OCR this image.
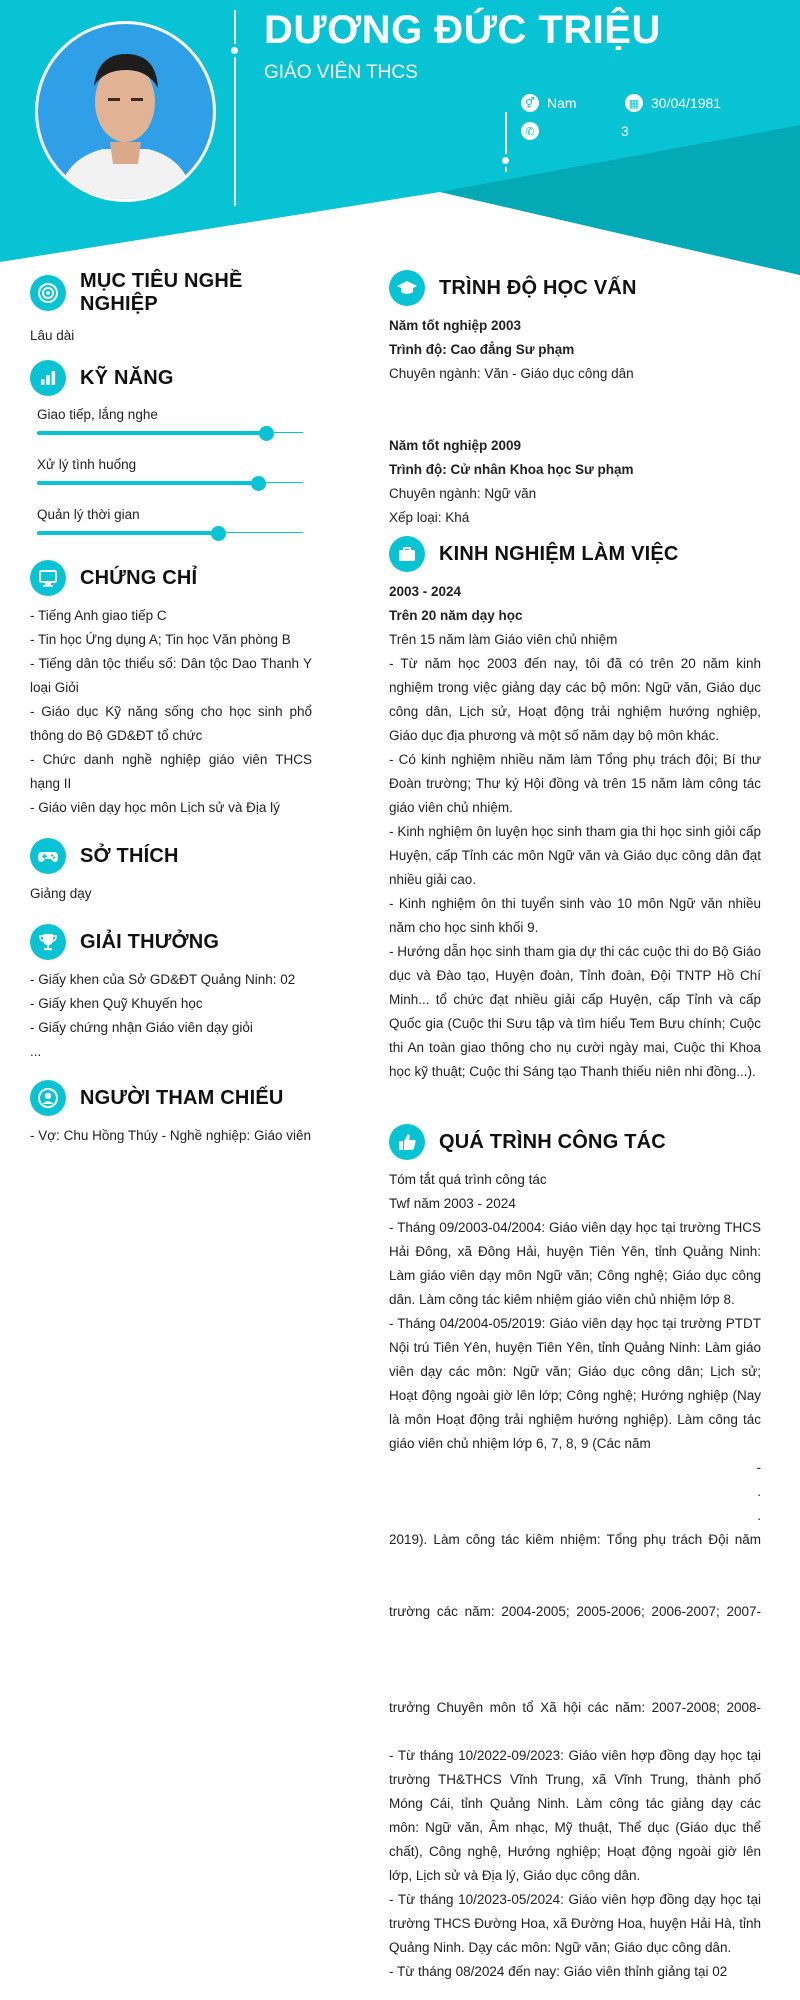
DƯƠNG ĐỨC TRIỆU
GIÁO VIÊN THCS
⚥ Nam	▦ 30/04/1981
✆	3
MỤC TIÊU NGHỀ NGHIỆP
Lâu dài
KỸ NĂNG
Giao tiếp, lắng nghe
Xử lý tình huống
Quản lý thời gian
CHỨNG CHỈ
- Tiếng Anh giao tiếp C
- Tin học Ứng dụng A; Tin học Văn phòng B
- Tiếng dân tộc thiểu số: Dân tộc Dao Thanh Y loại Giỏi
- Giáo dục Kỹ năng sống cho học sinh phổ thông do Bộ GD&ĐT tổ chức
- Chức danh nghề nghiệp giáo viên THCS hạng II
- Giáo viên dạy học môn Lịch sử và Địa lý
SỞ THÍCH
Giảng dạy
GIẢI THƯỞNG
- Giấy khen của Sở GD&ĐT Quảng Ninh: 02
- Giấy khen Quỹ Khuyến học
- Giấy chứng nhận Giáo viên dạy giỏi
...
NGƯỜI THAM CHIẾU
- Vợ: Chu Hồng Thúy - Nghề nghiệp: Giáo viên
TRÌNH ĐỘ HỌC VẤN
Năm tốt nghiệp 2003
Trình độ: Cao đẳng Sư phạm
Chuyên ngành: Văn - Giáo dục công dân
Năm tốt nghiệp 2009
Trình độ: Cử nhân Khoa học Sư phạm
Chuyên ngành: Ngữ văn
Xếp loại: Khá
KINH NGHIỆM LÀM VIỆC
2003 - 2024
Trên 20 năm dạy học
Trên 15 năm làm Giáo viên chủ nhiệm
- Từ năm học 2003 đến nay, tôi đã có trên 20 năm kinh nghiệm trong việc giảng dạy các bộ môn: Ngữ văn, Giáo dục công dân, Lịch sử, Hoạt động trải nghiệm hướng nghiệp, Giáo dục địa phương và một số năm dạy bộ môn khác.
- Có kinh nghiệm nhiều năm làm Tổng phụ trách đội; Bí thư Đoàn trường; Thư ký Hội đồng và trên 15 năm làm công tác giáo viên chủ nhiệm.
- Kinh nghiệm ôn luyện học sinh tham gia thi học sinh giỏi cấp Huyện, cấp Tỉnh các môn Ngữ văn và Giáo dục công dân đạt nhiều giải cao.
- Kinh nghiệm ôn thi tuyển sinh vào 10 môn Ngữ văn nhiều năm cho học sinh khối 9.
- Hướng dẫn học sinh tham gia dự thi các cuộc thi do Bộ Giáo dục và Đào tạo, Huyện đoàn, Tỉnh đoàn, Đội TNTP Hồ Chí Minh... tổ chức đạt nhiều giải cấp Huyện, cấp Tỉnh và cấp Quốc gia (Cuộc thi Sưu tập và tìm hiểu Tem Bưu chính; Cuộc thi An toàn giao thông cho nụ cười ngày mai, Cuộc thi Khoa học kỹ thuật; Cuộc thi Sáng tạo Thanh thiếu niên nhi đồng...).
QUÁ TRÌNH CÔNG TÁC
Tóm tắt quá trình công tác
Twf năm 2003 - 2024
- Tháng 09/2003-04/2004: Giáo viên dạy học tại trường THCS Hải Đông, xã Đông Hải, huyện Tiên Yên, tỉnh Quảng Ninh: Làm giáo viên dạy môn Ngữ văn; Công nghệ; Giáo dục công dân. Làm công tác kiêm nhiệm giáo viên chủ nhiệm lớp 8.
- Tháng 04/2004-05/2019: Giáo viên dạy học tại trường PTDT Nội trú Tiên Yên, huyện Tiên Yên, tỉnh Quảng Ninh: Làm giáo viên dạy các môn: Ngữ văn; Giáo dục công dân; Lịch sử; Hoạt động ngoài giờ lên lớp; Công nghệ; Hướng nghiệp (Nay là môn Hoạt động trải nghiệm hướng nghiệp). Làm công tác giáo viên chủ nhiệm lớp 6, 7, 8, 9 (Các năm
-
.
.
2019). Làm công tác kiêm nhiệm: Tổng phụ trách Đội năm
trường các năm: 2004-2005; 2005-2006; 2006-2007; 2007-
trưởng Chuyên môn tổ Xã hội các năm: 2007-2008; 2008-
- Từ tháng 10/2022-09/2023: Giáo viên hợp đồng dạy học tại trường TH&THCS Vĩnh Trung, xã Vĩnh Trung, thành phố Móng Cái, tỉnh Quảng Ninh. Làm công tác giảng dạy các môn: Ngữ văn, Âm nhạc, Mỹ thuật, Thể dục (Giáo dục thể chất), Công nghệ, Hướng nghiệp; Hoạt động ngoài giờ lên lớp, Lịch sử và Địa lý, Giáo dục công dân.
- Từ tháng 10/2023-05/2024: Giáo viên hợp đồng dạy học tại trường THCS Đường Hoa, xã Đường Hoa, huyện Hải Hà, tỉnh Quảng Ninh. Dạy các môn: Ngữ văn; Giáo dục công dân.
- Từ tháng 08/2024 đến nay: Giáo viên thỉnh giảng tại 02
